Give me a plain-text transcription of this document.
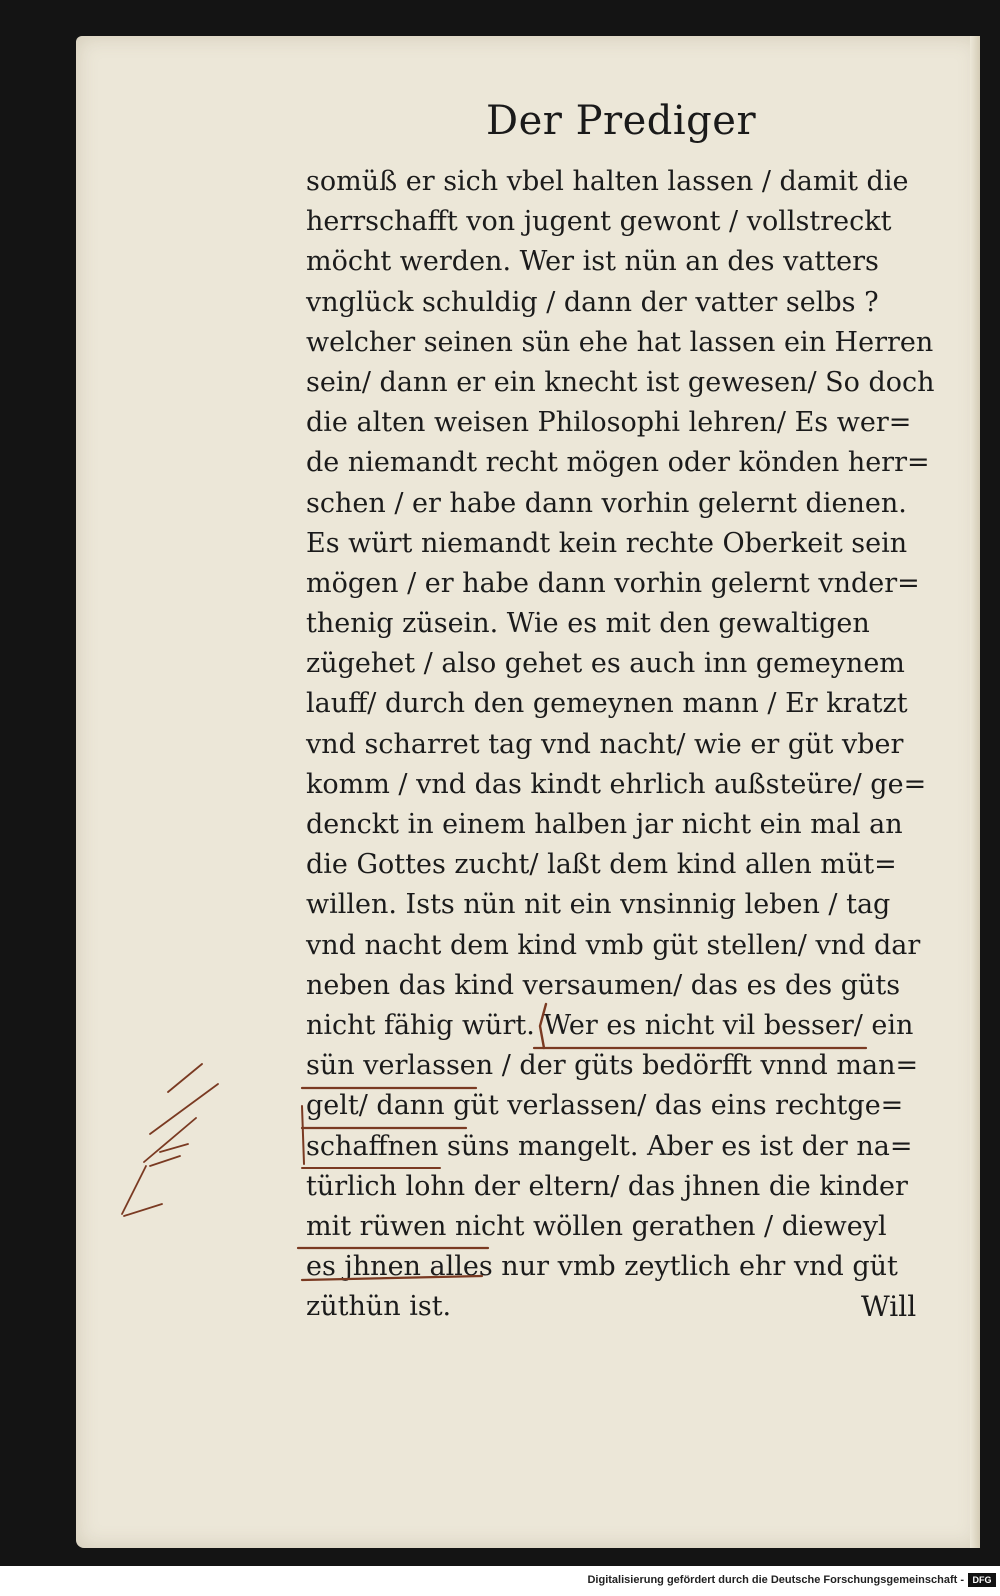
Der Prediger
somüß er sich vbel halten lassen / damit die
herrschafft von jugent gewont / vollstreckt
möcht werden. Wer ist nün an des vatters
vnglück schuldig / dann der vatter selbs ?
welcher seinen sün ehe hat lassen ein Herren
sein/ dann er ein knecht ist gewesen/ So doch
die alten weisen Philosophi lehren/ Es wer=
de niemandt recht mögen oder könden herr=
schen / er habe dann vorhin gelernt dienen.
Es würt niemandt kein rechte Oberkeit sein
mögen / er habe dann vorhin gelernt vnder=
thenig züsein. Wie es mit den gewaltigen
zügehet / also gehet es auch inn gemeynem
lauff/ durch den gemeynen mann / Er kratzt
vnd scharret tag vnd nacht/ wie er güt vber
komm / vnd das kindt ehrlich außsteüre/ ge=
denckt in einem halben jar nicht ein mal an
die Gottes zucht/ laßt dem kind allen müt=
willen. Ists nün nit ein vnsinnig leben / tag
vnd nacht dem kind vmb güt stellen/ vnd dar
neben das kind versaumen/ das es des güts
nicht fähig würt. Wer es nicht vil besser/ ein
sün verlassen / der güts bedörfft vnnd man=
gelt/ dann güt verlassen/ das eins rechtge=
schaffnen süns mangelt. Aber es ist der na=
türlich lohn der eltern/ das jhnen die kinder
mit rüwen nicht wöllen gerathen / dieweyl
es jhnen alles nur vmb zeytlich ehr vnd güt
züthün ist.	Will
Digitalisierung gefördert durch die Deutsche Forschungsgemeinschaft - DFG
